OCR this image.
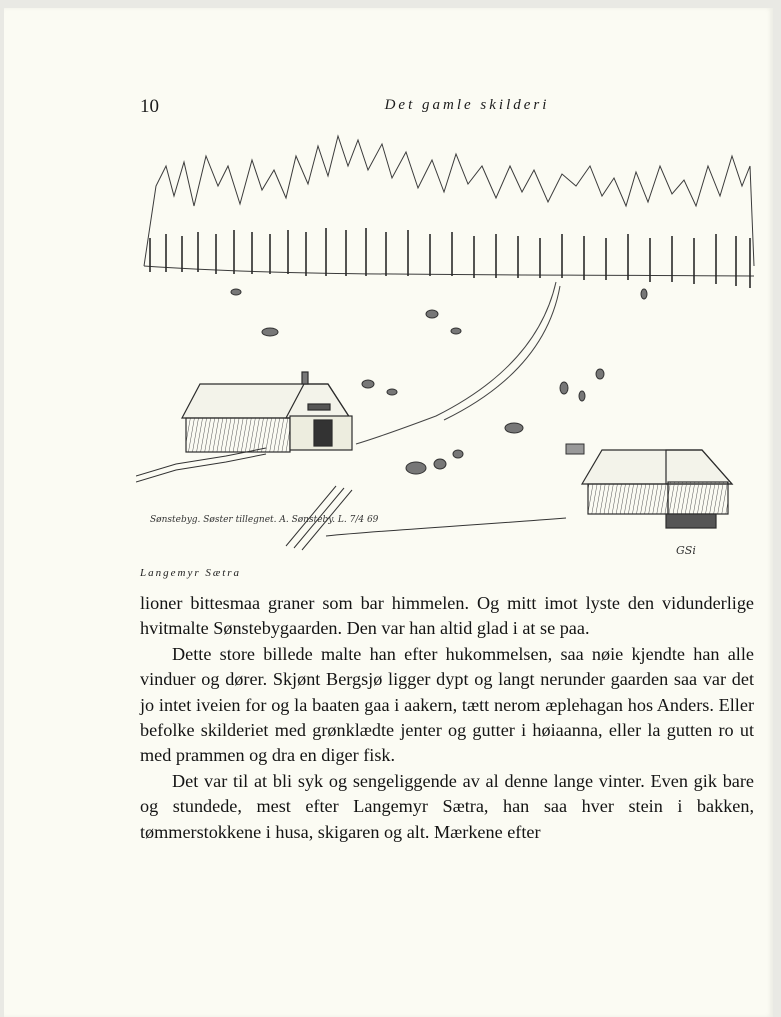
10	Det gamle skilderi
Sønstebyg. Søster tillegnet. A. Sønsteby. L. 7/4 69
GSi
Langemyr Sætra

lioner bittesmaa graner som bar himmelen. Og mitt imot lyste den vidunderlige hvitmalte Sønstebygaarden. Den var han altid glad i at se paa.

Dette store billede malte han efter hukommelsen, saa nøie kjendte han alle vinduer og dører. Skjønt Bergsjø ligger dypt og langt nerunder gaarden saa var det jo intet iveien for og la baaten gaa i aakern, tætt nerom æplehagan hos Anders. Eller befolke skilderiet med grønklædte jenter og gutter i høiaanna, eller la gutten ro ut med prammen og dra en diger fisk.

Det var til at bli syk og sengeliggende av al denne lange vinter. Even gik bare og stundede, mest efter Langemyr Sætra, han saa hver stein i bakken, tømmerstokkene i husa, skigaren og alt. Mærkene efter
